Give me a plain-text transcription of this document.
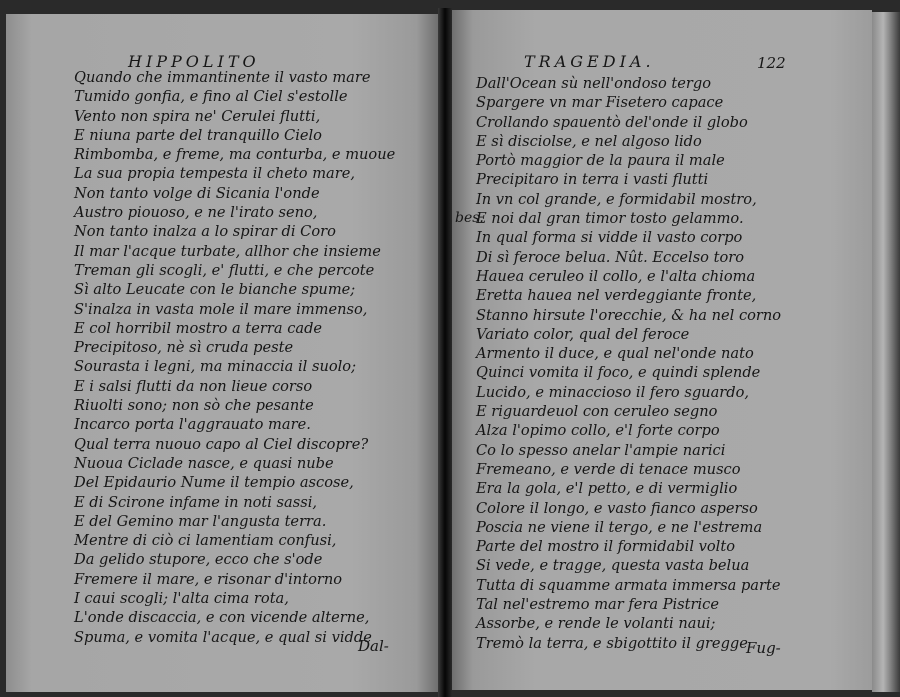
HIPPOLITO
Quando che immantinente il vasto mare
Tumido gonfia, e fino al Ciel s'estolle
Vento non spira ne' Cerulei flutti,
E niuna parte del tranquillo Cielo
Rimbomba, e freme, ma conturba, e muoue
La sua propia tempesta il cheto mare,
Non tanto volge di Sicania l'onde
Austro piouoso, e ne l'irato seno,
Non tanto inalza a lo spirar di Coro
Il mar l'acque turbate, allhor che insieme
Treman gli scogli, e' flutti, e che percote
Sì alto Leucate con le bianche spume;
S'inalza in vasta mole il mare immenso,
E col horribil mostro a terra cade
Precipitoso, nè sì cruda peste
Sourasta i legni, ma minaccia il suolo;
E i salsi flutti da non lieue corso
Riuolti sono; non sò che pesante
Incarco porta l'aggrauato mare.
Qual terra nuouo capo al Ciel discopre?
Nuoua Ciclade nasce, e quasi nube
Del Epidaurio Nume il tempio ascose,
E di Scirone infame in noti sassi,
E del Gemino mar l'angusta terra.
Mentre di ciò ci lamentiam confusi,
Da gelido stupore, ecco che s'ode
Fremere il mare, e risonar d'intorno
I caui scogli; l'alta cima rota,
L'onde discaccia, e con vicende alterne,
Spuma, e vomita l'acque, e qual si vidde
Dal-
TRAGEDIA.	122
bes.
Dall'Ocean sù nell'ondoso tergo
Spargere vn mar Fisetero capace
Crollando spauentò del'onde il globo
E sì disciolse, e nel algoso lido
Portò maggior de la paura il male
Precipitaro in terra i vasti flutti
In vn col grande, e formidabil mostro,
E noi dal gran timor tosto gelammo.
In qual forma si vidde il vasto corpo
Di sì feroce belua. Nût. Eccelso toro
Hauea ceruleo il collo, e l'alta chioma
Eretta hauea nel verdeggiante fronte,
Stanno hirsute l'orecchie, & ha nel corno
Variato color, qual del feroce
Armento il duce, e qual nel'onde nato
Quinci vomita il foco, e quindi splende
Lucido, e minaccioso il fero sguardo,
E riguardeuol con ceruleo segno
Alza l'opimo collo, e'l forte corpo
Co lo spesso anelar l'ampie narici
Fremeano, e verde di tenace musco
Era la gola, e'l petto, e di vermiglio
Colore il longo, e vasto fianco asperso
Poscia ne viene il tergo, e ne l'estrema
Parte del mostro il formidabil volto
Si vede, e tragge, questa vasta belua
Tutta di squamme armata immersa parte
Tal nel'estremo mar fera Pistrice
Assorbe, e rende le volanti naui;
Tremò la terra, e sbigottito il gregge
Fug-
